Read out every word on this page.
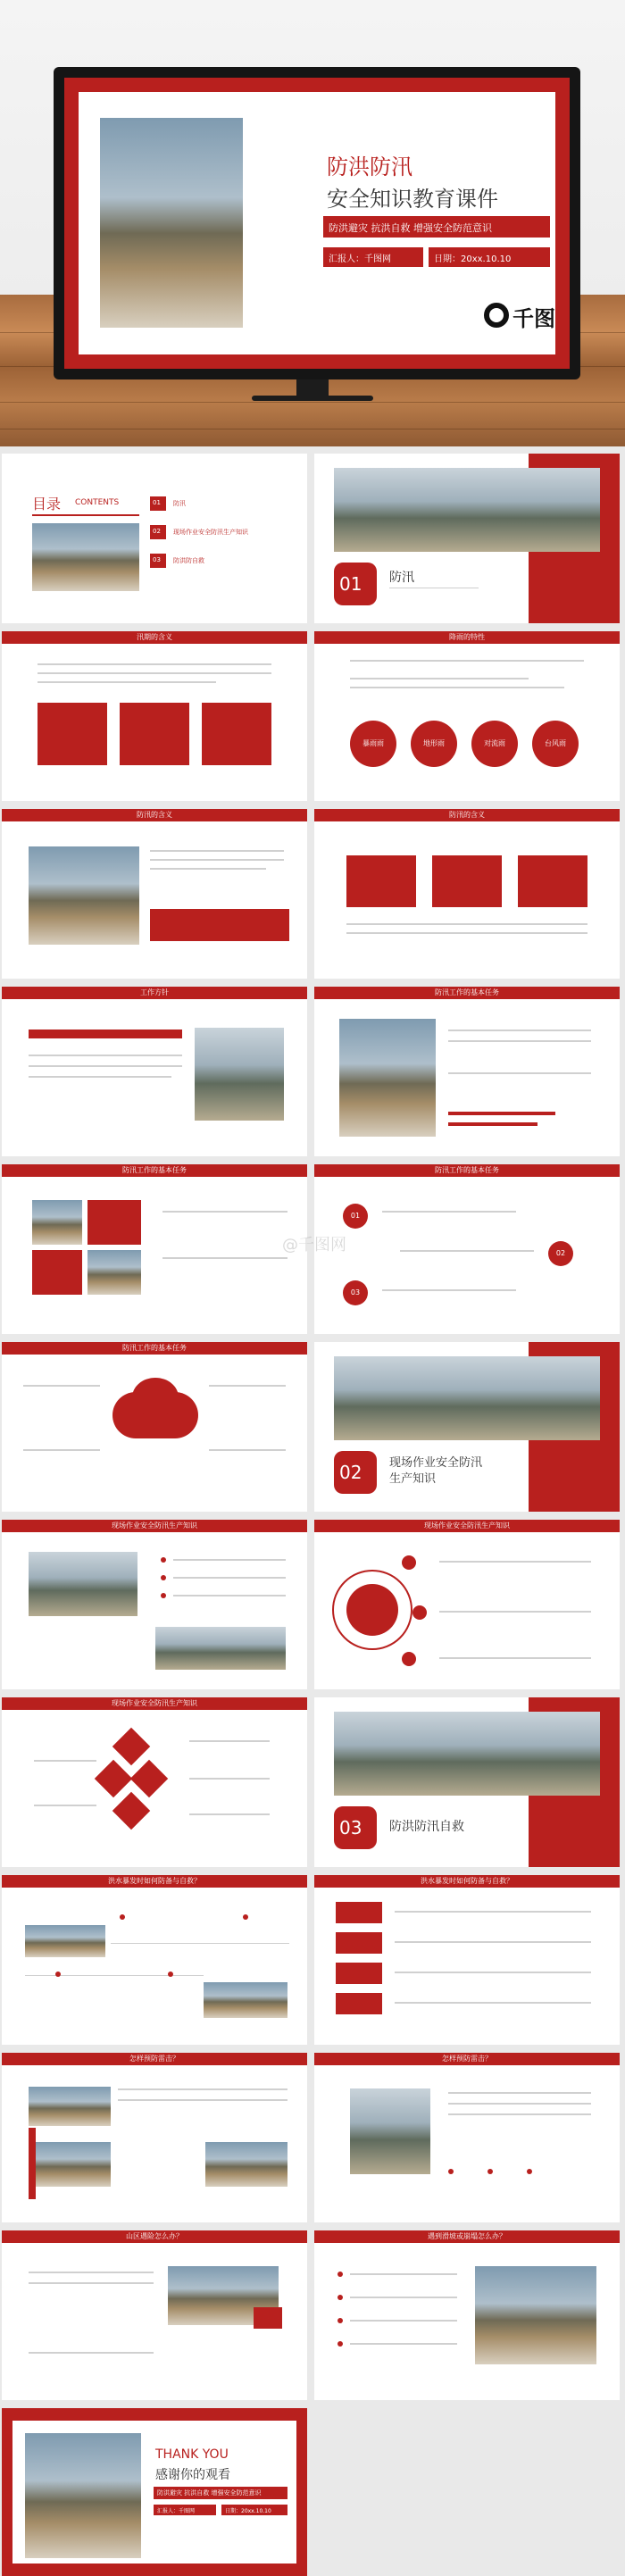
防洪防汛
安全知识教育课件
防洪避灾 抗洪自救 增强安全防范意识
汇报人：千图网	日期：20xx.10.10
千图
目录 CONTENTS	01 防汛
02 现场作业安全防汛生产知识
03 防洪防自救
01 防汛
汛期的含义	降雨的特性
暴雨雨	地形雨	对流雨	台风雨
防汛的含义	防汛的含义
工作方针	防汛工作的基本任务
防汛工作的基本任务	防汛工作的基本任务
01
02
03
@千图网
防汛工作的基本任务
02 现场作业安全防汛
生产知识
现场作业安全防汛生产知识	现场作业安全防汛生产知识
现场作业安全防汛生产知识
03 防洪防汛自救
洪水暴发时如何防备与自救？	洪水暴发时如何防备与自救？
怎样预防雷击？	怎样预防雷击？
山区遇险怎么办？	遇到滑坡或崩塌怎么办？
THANK YOU
感谢你的观看
防洪避灾 抗洪自救 增强安全防范意识
汇报人：千图网	日期：20xx.10.10
